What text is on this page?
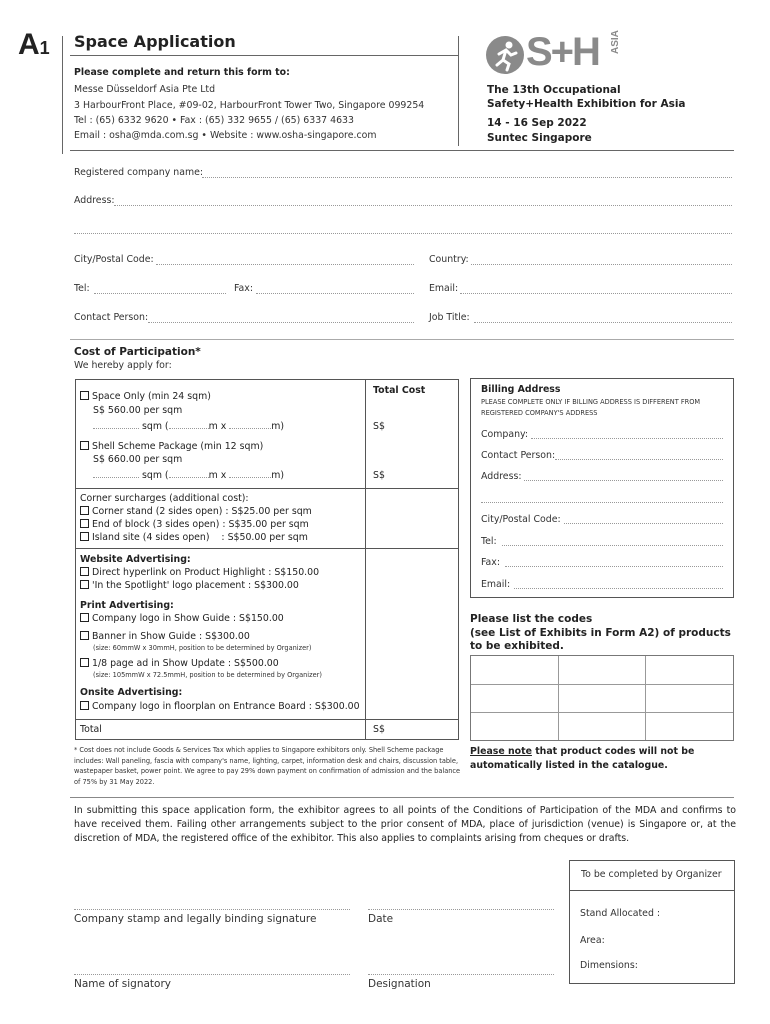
A1 Space Application
Please complete and return this form to:
Messe Düsseldorf Asia Pte Ltd
3 HarbourFront Place, #09-02, HarbourFront Tower Two, Singapore 099254
Tel : (65) 6332 9620 • Fax : (65) 332 9655 / (65) 6337 4633
Email : osha@mda.com.sg • Website : www.osha-singapore.com
S+H ASIA
The 13th Occupational
Safety+Health Exhibition for Asia
14 - 16 Sep 2022
Suntec Singapore
Registered company name:
Address:
City/Postal Code:	Country:
Tel:	Fax:	Email:
Contact Person:	Job Title:
Cost of Participation*
We hereby apply for:
Total Cost
Space Only (min 24 sqm)
S$ 560.00 per sqm
sqm (	m x	m)	S$
Shell Scheme Package (min 12 sqm)
S$ 660.00 per sqm
sqm (	m x	m)	S$
Corner surcharges (additional cost):
Corner stand (2 sides open) : S$25.00 per sqm
End of block (3 sides open) : S$35.00 per sqm
Island site (4 sides open)    : S$50.00 per sqm
Website Advertising:
Direct hyperlink on Product Highlight : S$150.00
'In the Spotlight' logo placement : S$300.00
Print Advertising:
Company logo in Show Guide : S$150.00
Banner in Show Guide : S$300.00
(size: 60mmW x 30mmH, position to be determined by Organizer)
1/8 page ad in Show Update : S$500.00
(size: 105mmW x 72.5mmH, position to be determined by Organizer)
Onsite Advertising:
Company logo in floorplan on Entrance Board : S$300.00
Total	S$
* Cost does not include Goods & Services Tax which applies to Singapore exhibitors only. Shell Scheme package includes: Wall paneling, fascia with company's name, lighting, carpet, information desk and chairs, discussion table, wastepaper basket, power point. We agree to pay 29% down payment on confirmation of admission and the balance of 75% by 31 May 2022.
Billing Address
PLEASE COMPLETE ONLY IF BILLING ADDRESS IS DIFFERENT FROM REGISTERED COMPANY'S ADDRESS
Company:
Contact Person:
Address:
City/Postal Code:
Tel:
Fax:
Email:
Please list the codes
(see List of Exhibits in Form A2) of products
to be exhibited.
Please note that product codes will not be automatically listed in the catalogue.
In submitting this space application form, the exhibitor agrees to all points of the Conditions of Participation of the MDA and confirms to have received them. Failing other arrangements subject to the prior consent of MDA, place of jurisdiction (venue) is Singapore or, at the discretion of MDA, the registered office of the exhibitor. This also applies to complaints arising from cheques or drafts.
Company stamp and legally binding signature	Date
Name of signatory	Designation
To be completed by Organizer
Stand Allocated :
Area:
Dimensions:
